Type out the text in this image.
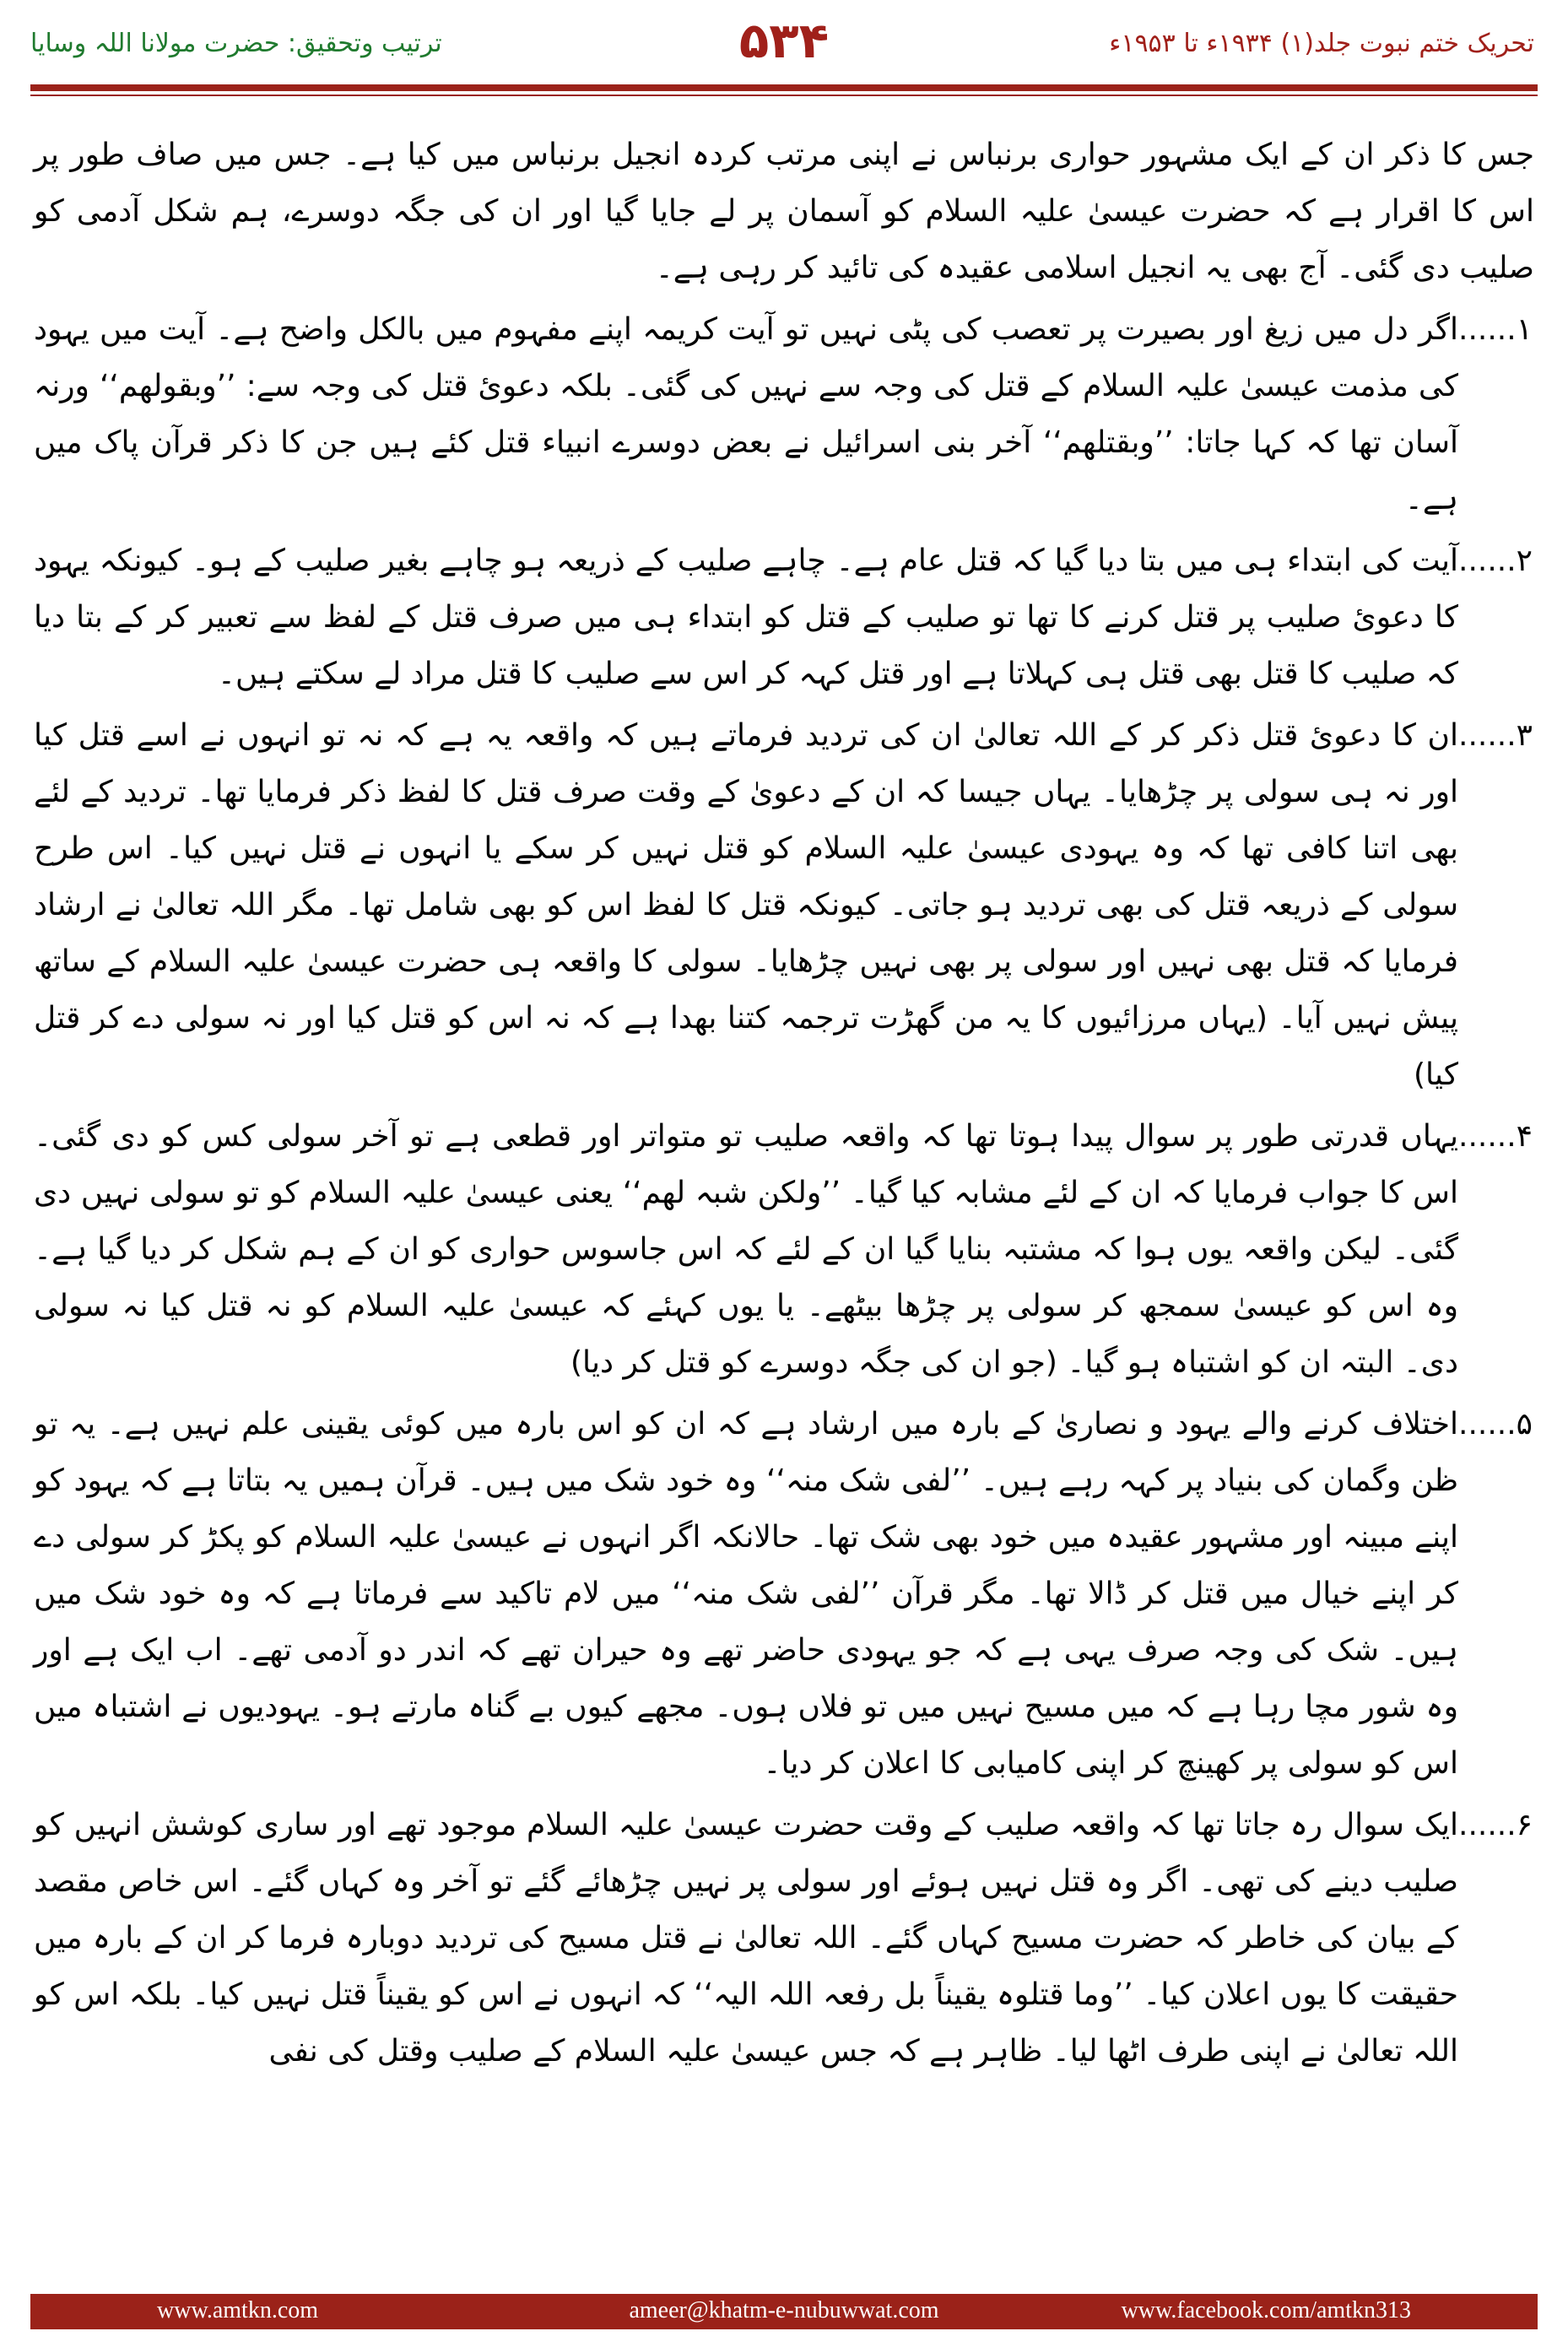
تحریک ختم نبوت جلد(۱) ۱۹۳۴ء تا ۱۹۵۳ء
۵۳۴
ترتیب وتحقیق: حضرت مولانا اللہ وسایا

جس کا ذکر ان کے ایک مشہور حواری برنباس نے اپنی مرتب کردہ انجیل برنباس میں کیا ہے۔ جس میں صاف طور پر اس کا اقرار ہے کہ حضرت عیسیٰ علیہ السلام کو آسمان پر لے جایا گیا اور ان کی جگہ دوسرے، ہم شکل آدمی کو صلیب دی گئی۔ آج بھی یہ انجیل اسلامی عقیدہ کی تائید کر رہی ہے۔

۱......
اگر دل میں زیغ اور بصیرت پر تعصب کی پٹی نہیں تو آیت کریمہ اپنے مفہوم میں بالکل واضح ہے۔ آیت میں یہود کی مذمت عیسیٰ علیہ السلام کے قتل کی وجہ سے نہیں کی گئی۔ بلکہ دعویٔ قتل کی وجہ سے: ’’وبقولھم‘‘ ورنہ آسان تھا کہ کہا جاتا: ’’وبقتلھم‘‘ آخر بنی اسرائیل نے بعض دوسرے انبیاء قتل کئے ہیں جن کا ذکر قرآن پاک میں ہے۔
۲......
آیت کی ابتداء ہی میں بتا دیا گیا کہ قتل عام ہے۔ چاہے صلیب کے ذریعہ ہو چاہے بغیر صلیب کے ہو۔ کیونکہ یہود کا دعویٔ صلیب پر قتل کرنے کا تھا تو صلیب کے قتل کو ابتداء ہی میں صرف قتل کے لفظ سے تعبیر کر کے بتا دیا کہ صلیب کا قتل بھی قتل ہی کہلاتا ہے اور قتل کہہ کر اس سے صلیب کا قتل مراد لے سکتے ہیں۔
۳......
ان کا دعویٔ قتل ذکر کر کے اللہ تعالیٰ ان کی تردید فرماتے ہیں کہ واقعہ یہ ہے کہ نہ تو انہوں نے اسے قتل کیا اور نہ ہی سولی پر چڑھایا۔ یہاں جیسا کہ ان کے دعویٰ کے وقت صرف قتل کا لفظ ذکر فرمایا تھا۔ تردید کے لئے بھی اتنا کافی تھا کہ وہ یہودی عیسیٰ علیہ السلام کو قتل نہیں کر سکے یا انہوں نے قتل نہیں کیا۔ اس طرح سولی کے ذریعہ قتل کی بھی تردید ہو جاتی۔ کیونکہ قتل کا لفظ اس کو بھی شامل تھا۔ مگر اللہ تعالیٰ نے ارشاد فرمایا کہ قتل بھی نہیں اور سولی پر بھی نہیں چڑھایا۔ سولی کا واقعہ ہی حضرت عیسیٰ علیہ السلام کے ساتھ پیش نہیں آیا۔ (یہاں مرزائیوں کا یہ من گھڑت ترجمہ کتنا بھدا ہے کہ نہ اس کو قتل کیا اور نہ سولی دے کر قتل کیا)
۴......
یہاں قدرتی طور پر سوال پیدا ہوتا تھا کہ واقعہ صلیب تو متواتر اور قطعی ہے تو آخر سولی کس کو دی گئی۔ اس کا جواب فرمایا کہ ان کے لئے مشابہ کیا گیا۔ ’’ولکن شبہ لھم‘‘ یعنی عیسیٰ علیہ السلام کو تو سولی نہیں دی گئی۔ لیکن واقعہ یوں ہوا کہ مشتبہ بنایا گیا ان کے لئے کہ اس جاسوس حواری کو ان کے ہم شکل کر دیا گیا ہے۔ وہ اس کو عیسیٰ سمجھ کر سولی پر چڑھا بیٹھے۔ یا یوں کہئے کہ عیسیٰ علیہ السلام کو نہ قتل کیا نہ سولی دی۔ البتہ ان کو اشتباہ ہو گیا۔ (جو ان کی جگہ دوسرے کو قتل کر دیا)
۵......
اختلاف کرنے والے یہود و نصاریٰ کے بارہ میں ارشاد ہے کہ ان کو اس بارہ میں کوئی یقینی علم نہیں ہے۔ یہ تو ظن وگمان کی بنیاد پر کہہ رہے ہیں۔ ’’لفی شک منہ‘‘ وہ خود شک میں ہیں۔ قرآن ہمیں یہ بتاتا ہے کہ یہود کو اپنے مبینہ اور مشہور عقیدہ میں خود بھی شک تھا۔ حالانکہ اگر انہوں نے عیسیٰ علیہ السلام کو پکڑ کر سولی دے کر اپنے خیال میں قتل کر ڈالا تھا۔ مگر قرآن ’’لفی شک منہ‘‘ میں لام تاکید سے فرماتا ہے کہ وہ خود شک میں ہیں۔ شک کی وجہ صرف یہی ہے کہ جو یہودی حاضر تھے وہ حیران تھے کہ اندر دو آدمی تھے۔ اب ایک ہے اور وہ شور مچا رہا ہے کہ میں مسیح نہیں میں تو فلاں ہوں۔ مجھے کیوں بے گناہ مارتے ہو۔ یہودیوں نے اشتباہ میں اس کو سولی پر کھینچ کر اپنی کامیابی کا اعلان کر دیا۔
۶......
ایک سوال رہ جاتا تھا کہ واقعہ صلیب کے وقت حضرت عیسیٰ علیہ السلام موجود تھے اور ساری کوشش انہیں کو صلیب دینے کی تھی۔ اگر وہ قتل نہیں ہوئے اور سولی پر نہیں چڑھائے گئے تو آخر وہ کہاں گئے۔ اس خاص مقصد کے بیان کی خاطر کہ حضرت مسیح کہاں گئے۔ اللہ تعالیٰ نے قتل مسیح کی تردید دوبارہ فرما کر ان کے بارہ میں حقیقت کا یوں اعلان کیا۔ ’’وما قتلوہ یقیناً بل رفعہ اللہ الیہ‘‘ کہ انہوں نے اس کو یقیناً قتل نہیں کیا۔ بلکہ اس کو اللہ تعالیٰ نے اپنی طرف اٹھا لیا۔ ظاہر ہے کہ جس عیسیٰ علیہ السلام کے صلیب وقتل کی نفی
www.amtkn.com	ameer@khatm-e-nubuwwat.com	www.facebook.com/amtkn313
